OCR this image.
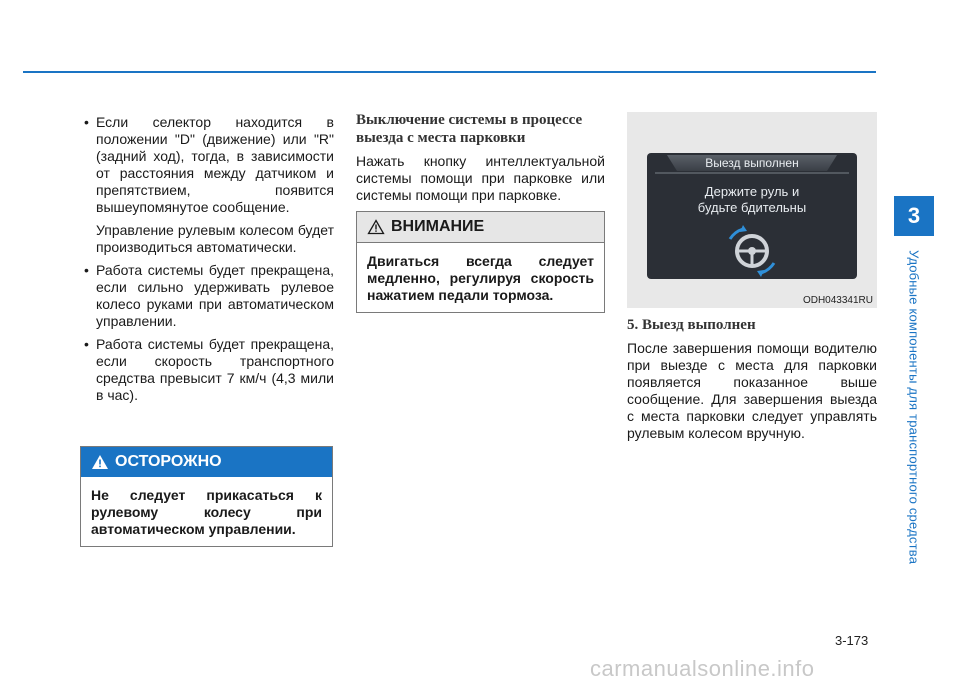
3
Удобные компоненты для транспортного средства
• Если селектор находится в положении "D" (движение) или "R" (задний ход), тогда, в зависимости от расстояния между датчиком и препятствием, появится вышеупомянутое сообщение.
Управление рулевым колесом будет производиться автоматически.
• Работа системы будет прекращена, если сильно удерживать рулевое колесо руками при автоматическом управлении.
• Работа системы будет прекращена, если скорость транспортного средства превысит 7 км/ч (4,3 мили в час).
ОСТОРОЖНО
Не следует прикасаться к рулевому колесу при автоматическом управлении.
Выключение системы в процессе выезда с места парковки
Нажать кнопку интеллектуальной системы помощи при парковке или системы помощи при парковке.
ВНИМАНИЕ
Двигаться всегда следует медленно, регулируя скорость нажатием педали тормоза.
Выезд выполнен
Держите руль и
будьте бдительны
ODH043341RU
5. Выезд выполнен
После завершения помощи водителю при выезде с места для парковки появляется показанное выше сообщение. Для завершения выезда с места парковки следует управлять рулевым колесом вручную.
3-173
carmanualsonline.info
